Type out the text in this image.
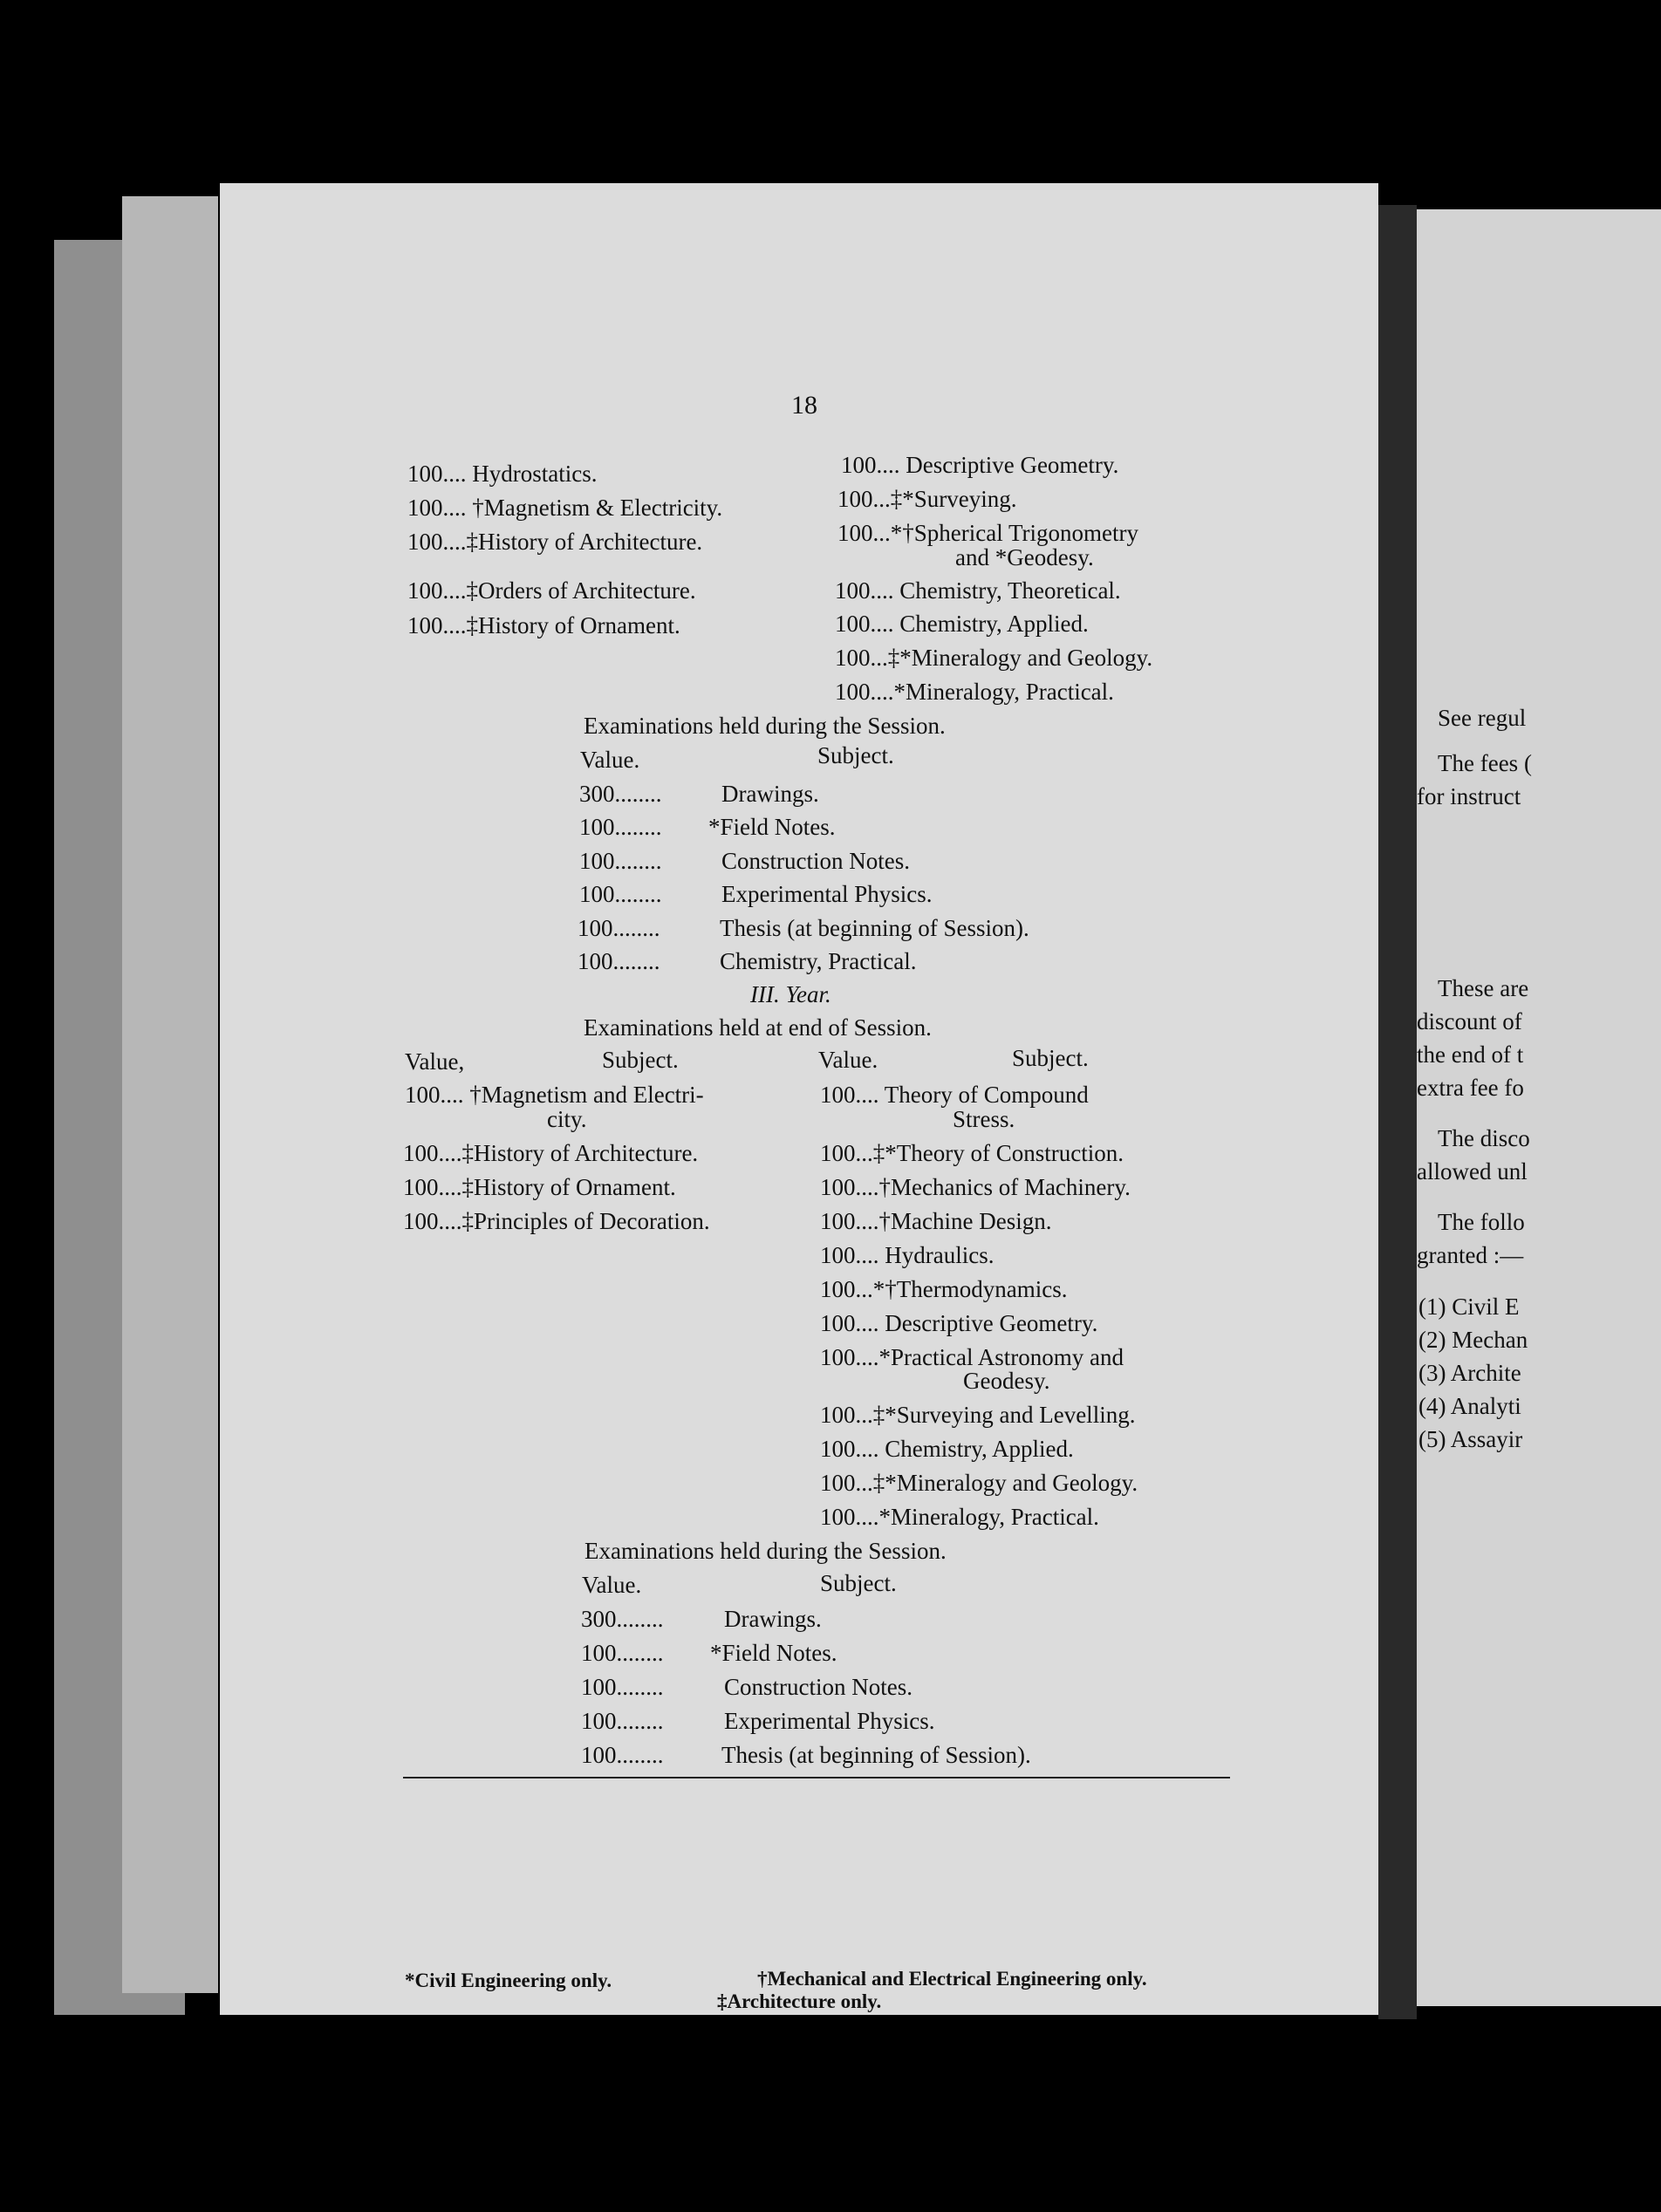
18
100.... Hydrostatics.
100.... †Magnetism & Electricity.
100....‡History of Architecture.
100....‡Orders of Architecture.
100....‡History of Ornament.
100.... Descriptive Geometry.
100...‡*Surveying.
100...*†Spherical Trigonometry
and *Geodesy.
100.... Chemistry, Theoretical.
100.... Chemistry, Applied.
100...‡*Mineralogy and Geology.
100....*Mineralogy, Practical.
Examinations held during the Session.
Value.	Subject.
300........	Drawings.
100........ *Field Notes.
100........	Construction Notes.
100........	Experimental Physics.
100........	Thesis (at beginning of Session).
100........	Chemistry, Practical.
III. Year.
Examinations held at end of Session.
Value,	Subject.	Value.	Subject.
100.... †Magnetism and Electri-
city.
100....‡History of Architecture.
100....‡History of Ornament.
100....‡Principles of Decoration.
100.... Theory of Compound
Stress.
100...‡*Theory of Construction.
100....†Mechanics of Machinery.
100....†Machine Design.
100.... Hydraulics.
100...*†Thermodynamics.
100.... Descriptive Geometry.
100....*Practical Astronomy and
Geodesy.
100...‡*Surveying and Levelling.
100.... Chemistry, Applied.
100...‡*Mineralogy and Geology.
100....*Mineralogy, Practical.
Examinations held during the Session.
Value.	Subject.
300........	Drawings.
100........ *Field Notes.
100........	Construction Notes.
100........	Experimental Physics.
100........ Thesis (at beginning of Session).
*Civil Engineering only.	†Mechanical and Electrical Engineering only.
‡Architecture only.
See regul
The fees (
for instruct
These are
discount of
the end of t
extra fee fo
The disco
allowed unl
The follo
granted :—
(1) Civil E
(2) Mechan
(3) Archite
(4) Analyti
(5) Assayir
